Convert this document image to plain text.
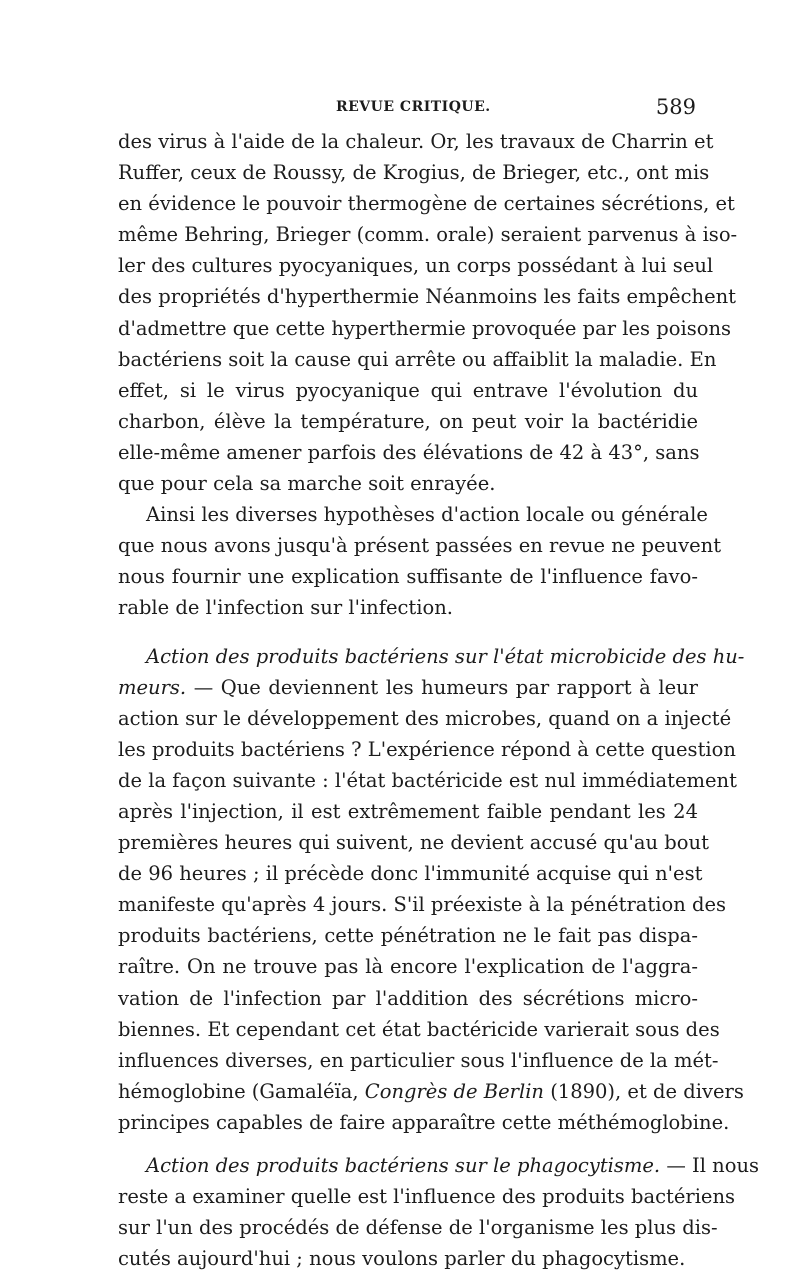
REVUE CRITIQUE.	589
des virus à l'aide de la chaleur. Or, les travaux de Charrin et
Ruffer, ceux de Roussy, de Krogius, de Brieger, etc., ont mis
en évidence le pouvoir thermogène de certaines sécrétions, et
même Behring, Brieger (comm. orale) seraient parvenus à iso-
ler des cultures pyocyaniques, un corps possédant à lui seul
des propriétés d'hyperthermie Néanmoins les faits empêchent
d'admettre que cette hyperthermie provoquée par les poisons
bactériens soit la cause qui arrête ou affaiblit la maladie. En
effet, si le virus pyocyanique qui entrave l'évolution du
charbon, élève la température, on peut voir la bactéridie
elle-même amener parfois des élévations de 42 à 43°, sans
que pour cela sa marche soit enrayée.
Ainsi les diverses hypothèses d'action locale ou générale
que nous avons jusqu'à présent passées en revue ne peuvent
nous fournir une explication suffisante de l'influence favo-
rable de l'infection sur l'infection.
Action des produits bactériens sur l'état microbicide des hu-
meurs. — Que deviennent les humeurs par rapport à leur
action sur le développement des microbes, quand on a injecté
les produits bactériens ? L'expérience répond à cette question
de la façon suivante : l'état bactéricide est nul immédiatement
après l'injection, il est extrêmement faible pendant les 24
premières heures qui suivent, ne devient accusé qu'au bout
de 96 heures ; il précède donc l'immunité acquise qui n'est
manifeste qu'après 4 jours. S'il préexiste à la pénétration des
produits bactériens, cette pénétration ne le fait pas dispa-
raître. On ne trouve pas là encore l'explication de l'aggra-
vation de l'infection par l'addition des sécrétions micro-
biennes. Et cependant cet état bactéricide varierait sous des
influences diverses, en particulier sous l'influence de la mét-
hémoglobine (Gamaléïa, Congrès de Berlin (1890), et de divers
principes capables de faire apparaître cette méthémoglobine.
Action des produits bactériens sur le phagocytisme. — Il nous
reste a examiner quelle est l'influence des produits bactériens
sur l'un des procédés de défense de l'organisme les plus dis-
cutés aujourd'hui ; nous voulons parler du phagocytisme.
